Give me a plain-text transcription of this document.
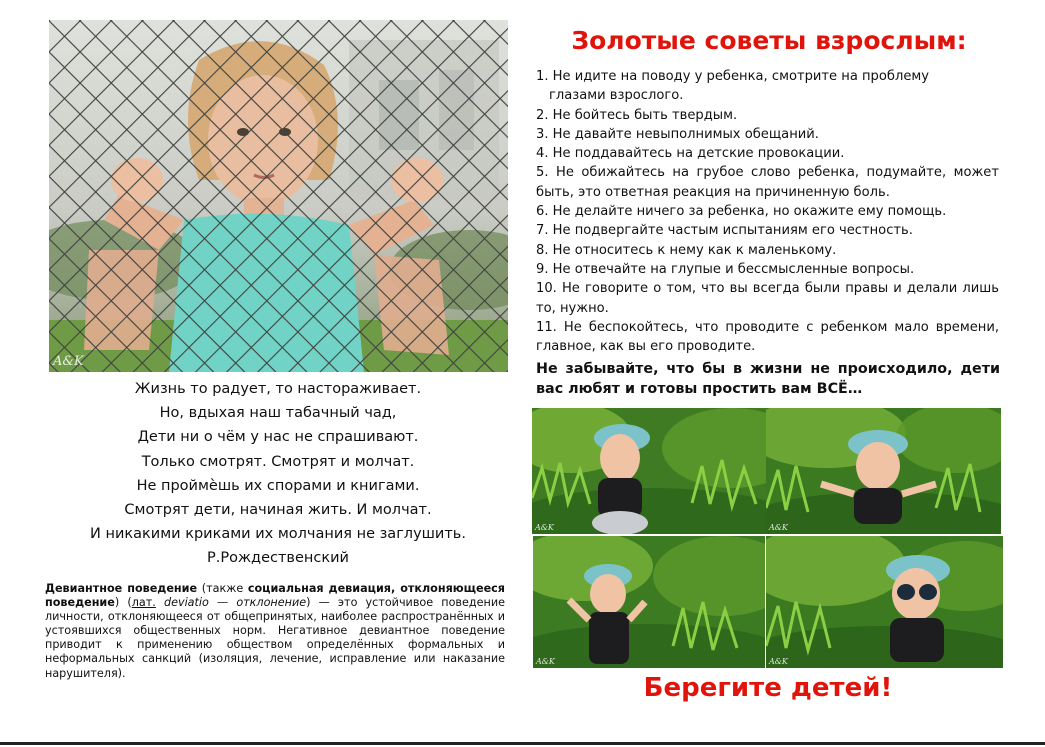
A&K
Жизнь то радует, то настораживает.
Но, вдыхая наш табачный чад,
Дети ни о чём у нас не спрашивают.
Только смотрят. Смотрят и молчат.
Не проймѐшь их спорами и книгами.
Смотрят дети, начиная жить. И молчат.
И никакими криками их молчания не заглушить.
Р.Рождественский
Девиантное поведение (также социальная девиация, отклоняющееся поведение) (лат. deviatio — отклонение) — это устойчивое поведение личности, отклоняющееся от общепринятых, наиболее распространённых и устоявшихся общественных норм. Негативное девиантное поведение приводит к применению обществом определённых формальных и неформальных санкций (изоляция, лечение, исправление или наказание нарушителя).
Золотые советы взрослым:
1. Не идите на поводу у ребенка, смотрите на проблему
глазами взрослого.
2. Не бойтесь быть твердым.
3. Не давайте невыполнимых обещаний.
4. Не поддавайтесь на детские провокации.
5. Не обижайтесь на грубое слово ребенка, подумайте, может быть, это ответная реакция на причиненную боль.
6. Не делайте ничего за ребенка, но окажите ему помощь.
7. Не подвергайте частым испытаниям его честность.
8. Не относитесь к нему как к маленькому.
9. Не отвечайте на глупые и бессмысленные вопросы.
10. Не говорите о том, что вы всегда были правы и делали лишь то, нужно.
11. Не беспокойтесь, что проводите с ребенком мало времени, главное, как вы его проводите.
Не забывайте, что бы в жизни не происходило, дети вас любят и готовы простить вам ВСЁ…
A&K	A&K
A&K	A&K
Берегите детей!
